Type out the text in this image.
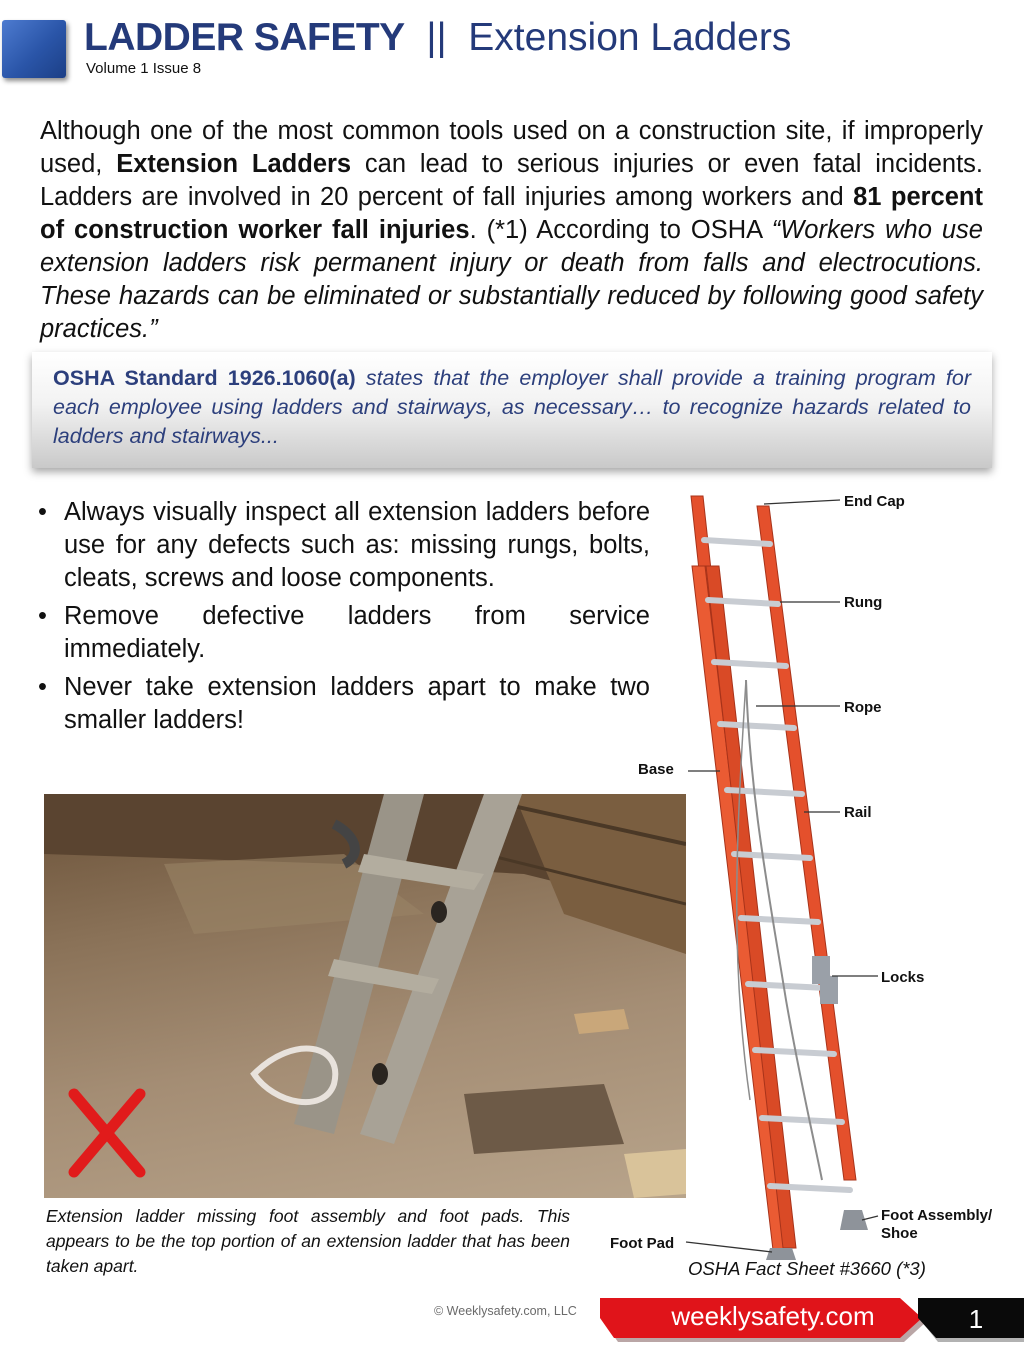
LADDER SAFETY || Extension Ladders
Volume 1 Issue 8
Although one of the most common tools used on a construction site, if improperly used, Extension Ladders can lead to serious injuries or even fatal incidents. Ladders are involved in 20 percent of fall injuries among workers and 81 percent of construction worker fall injuries. (*1) According to OSHA “Workers who use extension ladders risk permanent injury or death from falls and electrocutions. These hazards can be eliminated or substantially reduced by following good safety practices.”
OSHA Standard 1926.1060(a) states that the employer shall provide a training program for each employee using ladders and stairways, as necessary… to recognize hazards related to ladders and stairways...
• Always visually inspect all extension ladders before use for any defects such as: missing rungs, bolts, cleats, screws and loose components.
• Remove defective ladders from service immediately.
• Never take extension ladders apart to make two smaller ladders!
Extension ladder missing foot assembly and foot pads. This appears to be the top portion of an extension ladder that has been taken apart.
End Cap
Rung
Rope
Base
Rail
Locks
Foot Assembly/
Shoe
Foot Pad
OSHA Fact Sheet #3660 (*3)
© Weeklysafety.com, LLC	weeklysafety.com	1
